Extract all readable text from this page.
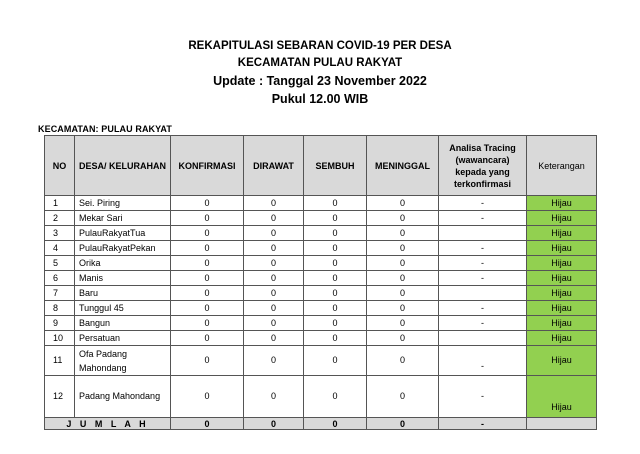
REKAPITULASI SEBARAN COVID-19 PER DESA
KECAMATAN PULAU RAKYAT
Update : Tanggal 23 November 2022
Pukul 12.00 WIB
KECAMATAN: PULAU RAKYAT
NO	DESA/ KELURAHAN	KONFIRMASI	DIRAWAT	SEMBUH	MENINGGAL	Analisa Tracing (wawancara) kepada yang terkonfirmasi	Keterangan
1	Sei. Piring	0	0	0	0	-	Hijau
2	Mekar Sari	0	0	0	0	-	Hijau
3	PulauRakyatTua	0	0	0	0		Hijau
4	PulauRakyatPekan	0	0	0	0	-	Hijau
5	Orika	0	0	0	0	-	Hijau
6	Manis	0	0	0	0	-	Hijau
7	Baru	0	0	0	0		Hijau
8	Tunggul 45	0	0	0	0	-	Hijau
9	Bangun	0	0	0	0	-	Hijau
10	Persatuan	0	0	0	0		Hijau
11	Ofa Padang Mahondang	0	0	0	0	-	Hijau
12	Padang Mahondang	0	0	0	0	-	Hijau
J U M L A H		0	0	0	0	-	
